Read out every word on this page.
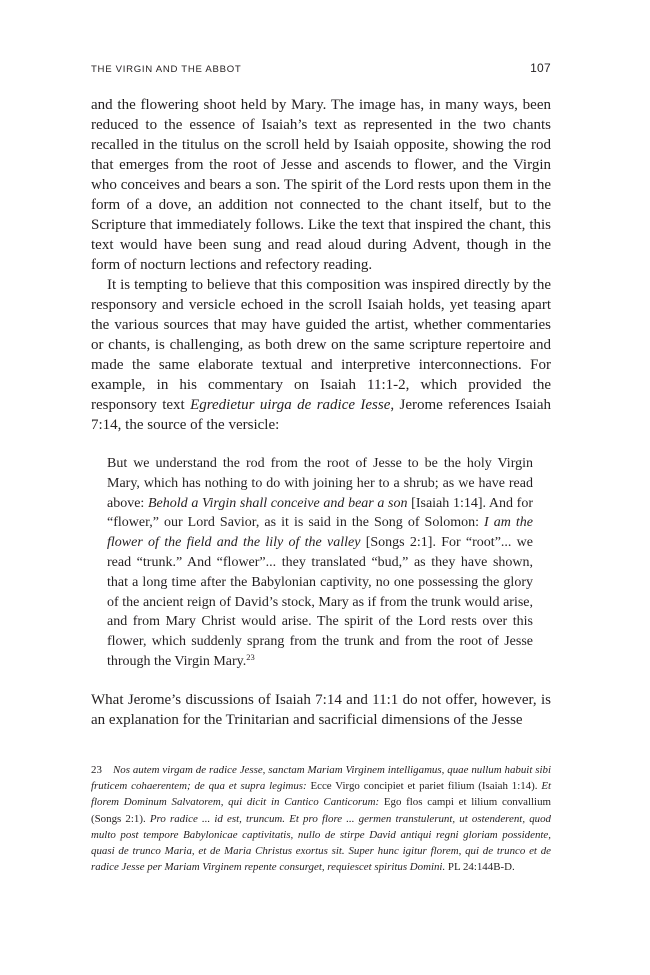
THE VIRGIN AND THE ABBOT	107

and the flowering shoot held by Mary. The image has, in many ways, been reduced to the essence of Isaiah’s text as represented in the two chants recalled in the titulus on the scroll held by Isaiah opposite, showing the rod that emerges from the root of Jesse and ascends to flower, and the Virgin who conceives and bears a son. The spirit of the Lord rests upon them in the form of a dove, an addition not connected to the chant itself, but to the Scripture that immediately follows. Like the text that inspired the chant, this text would have been sung and read aloud during Advent, though in the form of nocturn lections and refectory reading.

It is tempting to believe that this composition was inspired directly by the responsory and versicle echoed in the scroll Isaiah holds, yet teasing apart the various sources that may have guided the artist, whether commentaries or chants, is challenging, as both drew on the same scripture repertoire and made the same elaborate textual and interpretive interconnections. For example, in his commentary on Isaiah 11:1-2, which provided the responsory text Egredietur uirga de radice Iesse, Jerome references Isaiah 7:14, the source of the versicle:

But we understand the rod from the root of Jesse to be the holy Virgin Mary, which has nothing to do with joining her to a shrub; as we have read above: Behold a Virgin shall conceive and bear a son [Isaiah 1:14]. And for “flower,” our Lord Savior, as it is said in the Song of Solomon: I am the flower of the field and the lily of the valley [Songs 2:1]. For “root”... we read “trunk.” And “flower”... they translated “bud,” as they have shown, that a long time after the Babylonian captivity, no one possessing the glory of the ancient reign of David’s stock, Mary as if from the trunk would arise, and from Mary Christ would arise. The spirit of the Lord rests over this flower, which suddenly sprang from the trunk and from the root of Jesse through the Virgin Mary.$^{23}$

What Jerome’s discussions of Isaiah 7:14 and 11:1 do not offer, however, is an explanation for the Trinitarian and sacrificial dimensions of the Jesse

23 Nos autem virgam de radice Jesse, sanctam Mariam Virginem intelligamus, quae nullum habuit sibi fruticem cohaerentem; de qua et supra legimus: Ecce Virgo concipiet et pariet filium (Isaiah 1:14). Et florem Dominum Salvatorem, qui dicit in Cantico Canticorum: Ego flos campi et lilium convallium (Songs 2:1). Pro radice ... id est, truncum. Et pro flore ... germen transtulerunt, ut ostenderent, quod multo post tempore Babylonicae captivitatis, nullo de stirpe David antiqui regni gloriam possidente, quasi de trunco Maria, et de Maria Christus exortus sit. Super hunc igitur florem, qui de trunco et de radice Jesse per Mariam Virginem repente consurget, requiescet spiritus Domini. PL 24:144B-D.
